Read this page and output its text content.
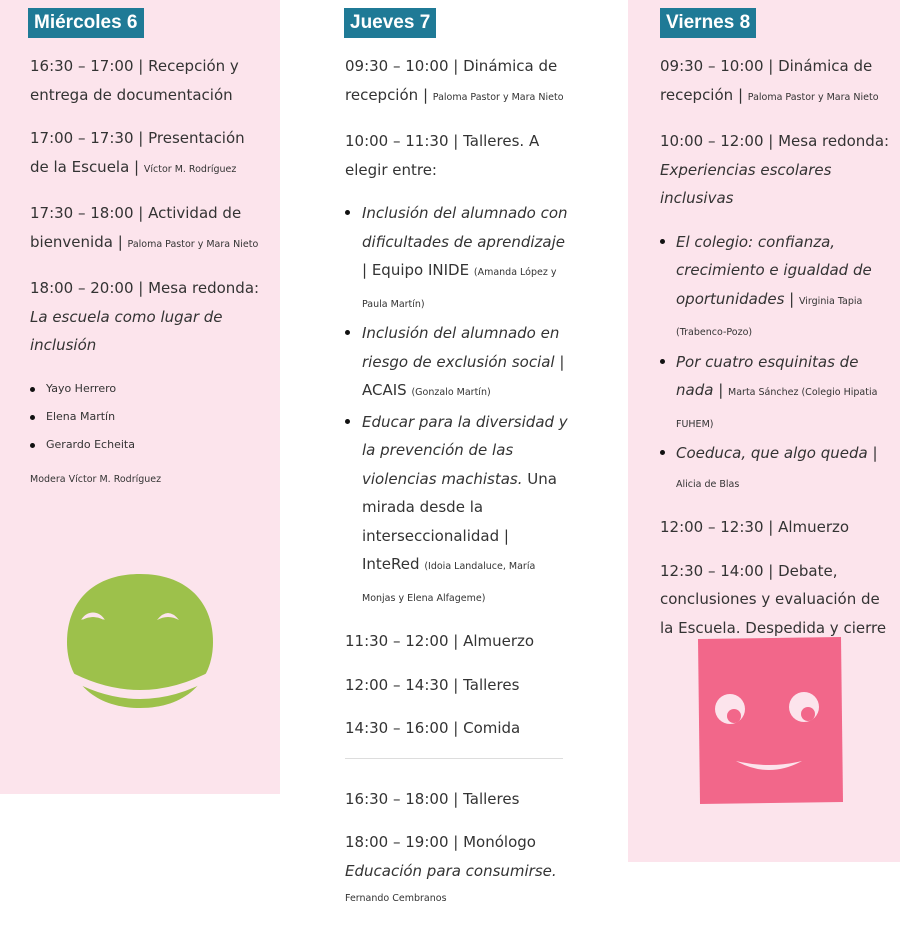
Miércoles 6

16:30 – 17:00 | Recepción y entrega de documentación

17:00 – 17:30 | Presentación de la Escuela | Víctor M. Rodríguez

17:30 – 18:00 | Actividad de bienvenida | Paloma Pastor y Mara Nieto

18:00 – 20:00 | Mesa redonda: La escuela como lugar de inclusión

Yayo Herrero
Elena Martín
Gerardo Echeita

Modera Víctor M. Rodríguez

Jueves 7

09:30 – 10:00 | Dinámica de recepción | Paloma Pastor y Mara Nieto

10:00 – 11:30 | Talleres. A elegir entre:

Inclusión del alumnado con dificultades de aprendizaje | Equipo INIDE (Amanda López y Paula Martín)
Inclusión del alumnado en riesgo de exclusión social | ACAIS (Gonzalo Martín)
Educar para la diversidad y la prevención de las violencias machistas. Una mirada desde la interseccionalidad | InteRed (Idoia Landaluce, María Monjas y Elena Alfageme)

11:30 – 12:00 | Almuerzo

12:00 – 14:30 | Talleres

14:30 – 16:00 | Comida

16:30 – 18:00 | Talleres

18:00 – 19:00 | Monólogo Educación para consumirse.
Fernando Cembranos

Viernes 8

09:30 – 10:00 | Dinámica de recepción | Paloma Pastor y Mara Nieto

10:00 – 12:00 | Mesa redonda: Experiencias escolares inclusivas

El colegio: confianza, crecimiento e igualdad de oportunidades | Virginia Tapia (Trabenco-Pozo)
Por cuatro esquinitas de nada | Marta Sánchez (Colegio Hipatia FUHEM)
Coeduca, que algo queda | Alicia de Blas

12:00 – 12:30 | Almuerzo

12:30 – 14:00 | Debate, conclusiones y evaluación de la Escuela. Despedida y cierre
